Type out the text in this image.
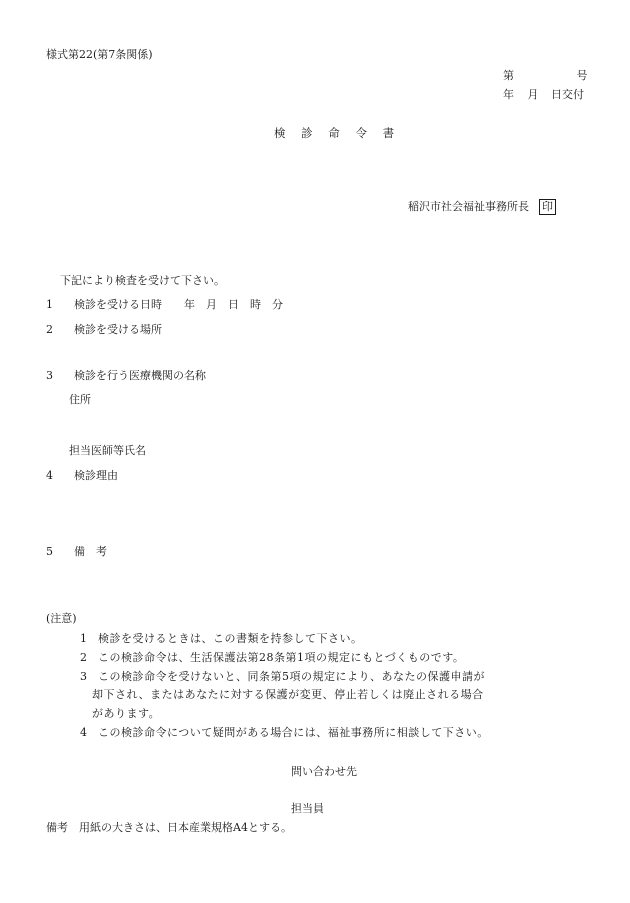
様式第22(第7条関係)
第	号
年 月 日交付
検 診 命 令 書
稲沢市社会福祉事務所長 印
下記により検査を受けて下さい。
1 検診を受ける日時 年　月　日　時　分
2 検診を受ける場所
3 検診を行う医療機関の名称
住所
担当医師等氏名
4 検診理由
5 備　考
(注意)
1 検診を受けるときは、この書類を持参して下さい。
2 この検診命令は、生活保護法第28条第1項の規定にもとづくものです。
3 この検診命令を受けないと、同条第5項の規定により、あなたの保護申請が
却下され、またはあなたに対する保護が変更、停止若しくは廃止される場合
があります。
4 この検診命令について疑問がある場合には、福祉事務所に相談して下さい。
問い合わせ先
担当員
備考　用紙の大きさは、日本産業規格A4とする。
